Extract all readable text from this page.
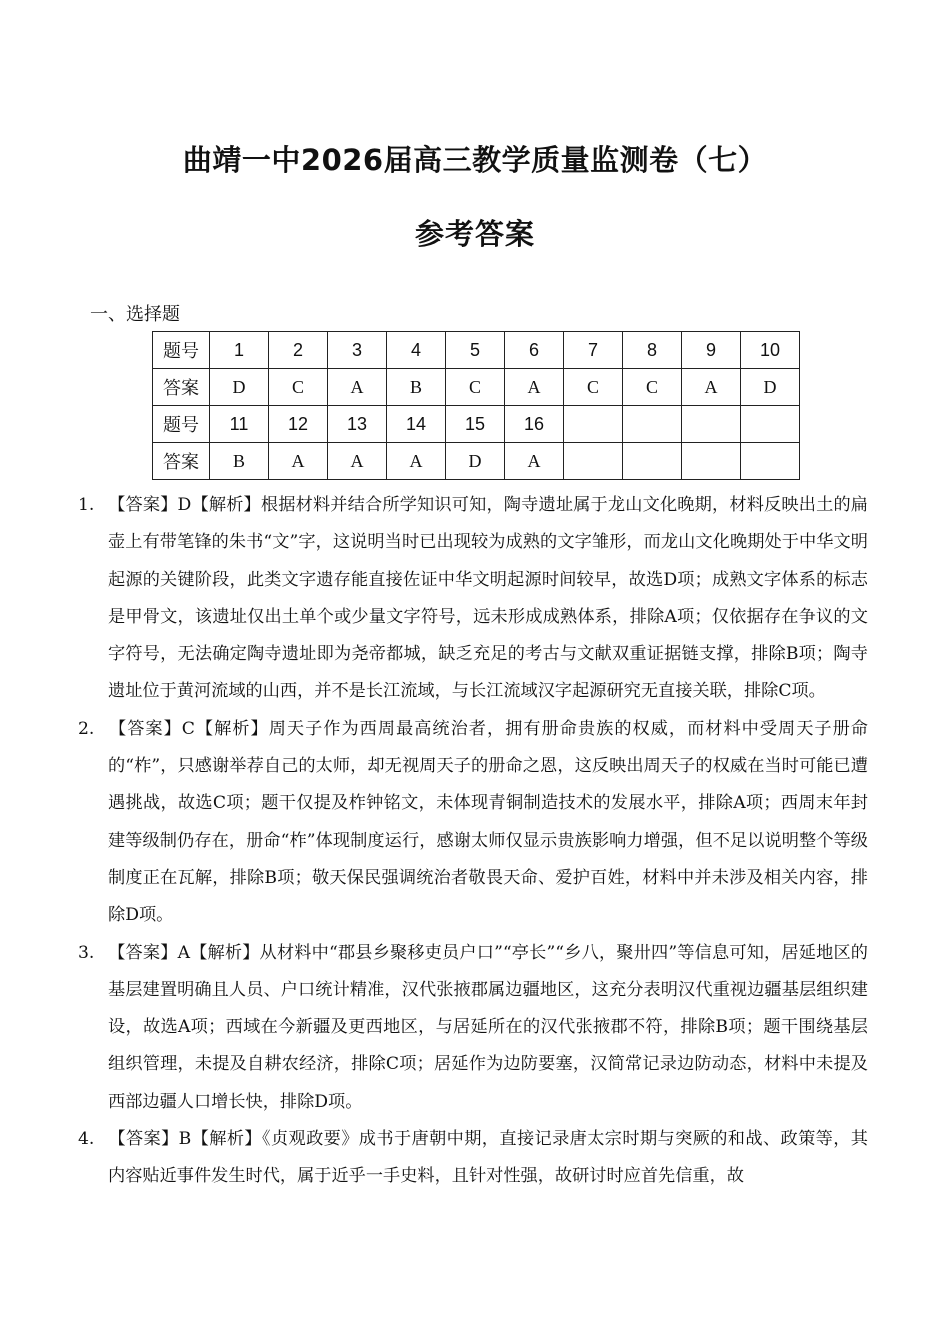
曲靖一中2026届高三教学质量监测卷（七）
参考答案
一、选择题
题号	1	2	3	4	5	6	7	8	9	10
答案	D	C	A	B	C	A	C	C	A	D
题号	11	12	13	14	15	16				
答案	B	A	A	A	D	A				

1. 【答案】D【解析】根据材料并结合所学知识可知，陶寺遗址属于龙山文化晚期，材料反映出土的扁壶上有带笔锋的朱书“文”字，这说明当时已出现较为成熟的文字雏形，而龙山文化晚期处于中华文明起源的关键阶段，此类文字遗存能直接佐证中华文明起源时间较早，故选D项；成熟文字体系的标志是甲骨文，该遗址仅出土单个或少量文字符号，远未形成成熟体系，排除A项；仅依据存在争议的文字符号，无法确定陶寺遗址即为尧帝都城，缺乏充足的考古与文献双重证据链支撑，排除B项；陶寺遗址位于黄河流域的山西，并不是长江流域，与长江流域汉字起源研究无直接关联，排除C项。

2. 【答案】C【解析】周天子作为西周最高统治者，拥有册命贵族的权威，而材料中受周天子册命的“柞”，只感谢举荐自己的太师，却无视周天子的册命之恩，这反映出周天子的权威在当时可能已遭遇挑战，故选C项；题干仅提及柞钟铭文，未体现青铜制造技术的发展水平，排除A项；西周末年封建等级制仍存在，册命“柞”体现制度运行，感谢太师仅显示贵族影响力增强，但不足以说明整个等级制度正在瓦解，排除B项；敬天保民强调统治者敬畏天命、爱护百姓，材料中并未涉及相关内容，排除D项。

3. 【答案】A【解析】从材料中“郡县乡聚移吏员户口”“亭长”“乡八，聚卅四”等信息可知，居延地区的基层建置明确且人员、户口统计精准，汉代张掖郡属边疆地区，这充分表明汉代重视边疆基层组织建设，故选A项；西域在今新疆及更西地区，与居延所在的汉代张掖郡不符，排除B项；题干围绕基层组织管理，未提及自耕农经济，排除C项；居延作为边防要塞，汉简常记录边防动态，材料中未提及西部边疆人口增长快，排除D项。

4. 【答案】B【解析】《贞观政要》成书于唐朝中期，直接记录唐太宗时期与突厥的和战、政策等，其内容贴近事件发生时代，属于近乎一手史料，且针对性强，故研讨时应首先信重，故
